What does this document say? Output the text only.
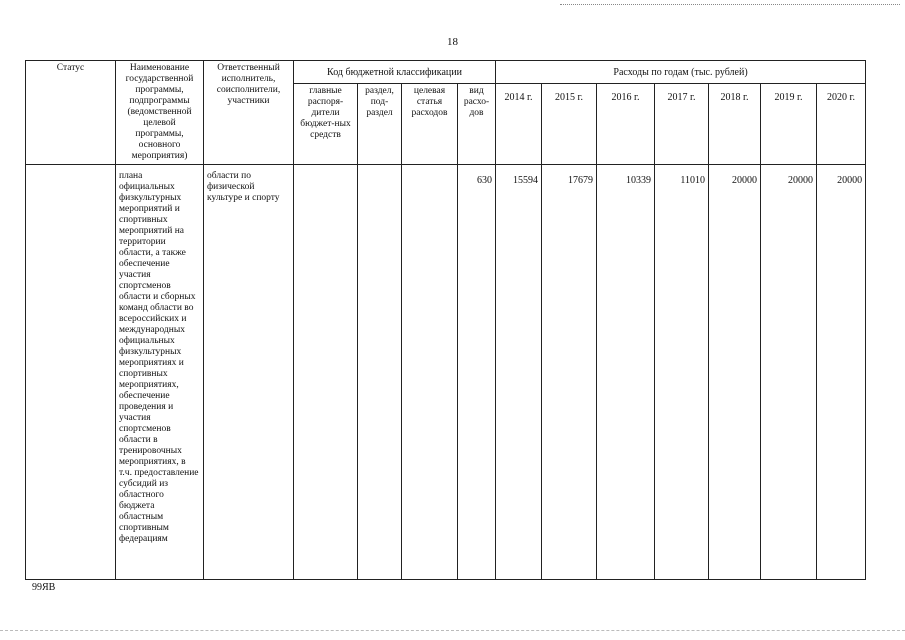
18
Статус	Наименование государственной программы, подпрограммы (ведомственной целевой программы, основного мероприятия)	Ответственный исполнитель, соисполнители, участники	Код бюджетной классификации				Расходы по годам (тыс. рублей)						
			главные распоря-дители бюджет-ных средств	раздел, под-раздел	целевая статья расходов	вид расхо-дов	2014 г.	2015 г.	2016 г.	2017 г.	2018 г.	2019 г.	2020 г.
	плана официальных физкультурных мероприятий и спортивных мероприятий на территории области, а также обеспечение участия спортсменов области и сборных команд области во всероссийских и международных официальных физкультурных мероприятиях и спортивных мероприятиях, обеспечение проведения и участия спортсменов области в тренировочных мероприятиях, в т.ч. предоставление субсидий из областного бюджета областным спортивным федерациям	области по физической культуре и спорту				630	15594	17679	10339	11010	20000	20000	20000
99ЯВ
